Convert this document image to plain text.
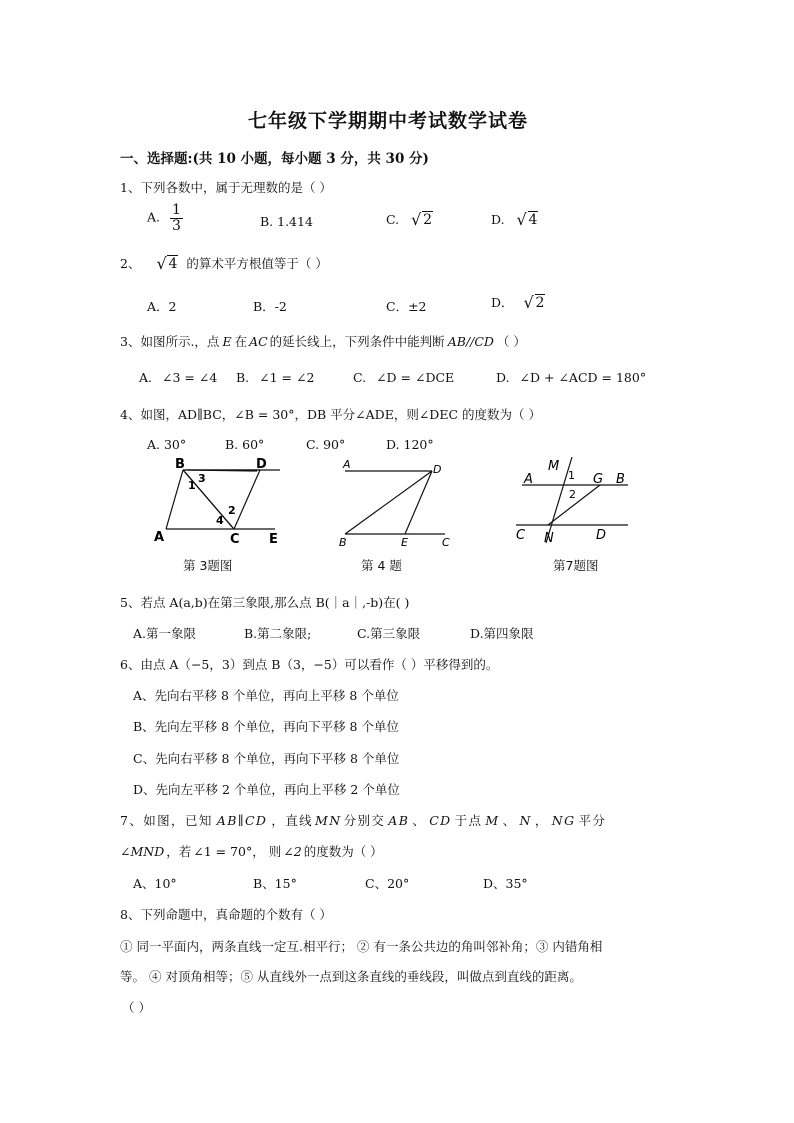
七年级下学期期中考试数学试卷
一、选择题:(共 10 小题，每小题 3 分，共 30 分)
1、下列各数中，属于无理数的是（ ）
A. $\frac{1}{3}$	B. 1.414	C. √ 2	D. √ 4
2、 √ 4 的算术平方根值等于（ ）
A．2	B．-2	C．±2	D． √ 2
3、如图所示.，点 E 在 AC 的延长线上，下列条件中能判断 AB//CD （ ）
A. ∠3 = ∠4 B. ∠1 = ∠2	C. ∠D = ∠DCE	D. ∠D + ∠ACD = 180°
4、如图，AD∥BC，∠B = 30°，DB 平分∠ADE，则∠DEC 的度数为（ ）
A. 30°	B. 60°	C. 90°	D. 120°
B	D
A	C E
1
3
2
4
第 3题图
A	D
B	E	C
第 4 题
M
A	G B
C N	D
1
2
第7题图
5、若点 A(a,b)在第三象限,那么点 B(｜a｜,-b)在( )
A.第一象限	B.第二象限;	C.第三象限	D.第四象限
6、由点 A（−5，3）到点 B（3，−5）可以看作（ ）平移得到的。
A、先向右平移 8 个单位，再向上平移 8 个单位
B、先向左平移 8 个单位，再向下平移 8 个单位
C、先向右平移 8 个单位，再向下平移 8 个单位
D、先向左平移 2 个单位，再向上平移 2 个单位
7、如图，已知 AB∥CD ，直线 MN 分别交 AB 、 CD 于点 M 、 N ， NG 平分
∠MND ，若 ∠1 = 70°， 则 ∠2 的度数为（ ）
A、10°	B、15°	C、20°	D、35°
8、下列命题中，真命题的个数有（ ）
① 同一平面内，两条直线一定互.相平行； ② 有一条公共边的角叫邻补角；③ 内错角相
等。 ④ 对顶角相等；⑤ 从直线外一点到这条直线的垂线段，叫做点到直线的距离。
（ ）
